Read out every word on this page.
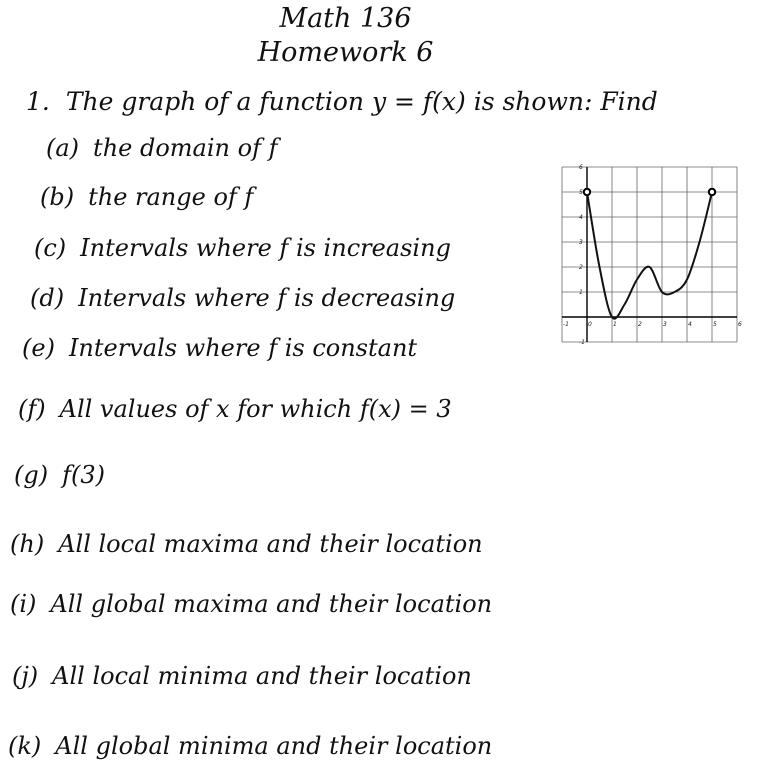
Math 136
Homework 6
1. The graph of a function y = f(x) is shown: Find
(a) the domain of f
(b) the range of f
(c) Intervals where f is increasing
(d) Intervals where f is decreasing
(e) Intervals where f is constant
(f) All values of x for which f(x) = 3
(g) f(3)
(h) All local maxima and their location
(i) All global maxima and their location
(j) All local minima and their location
(k) All global minima and their location
-1	0	1	2	3	4	5	6
-1
1
2
3
4
5
6
